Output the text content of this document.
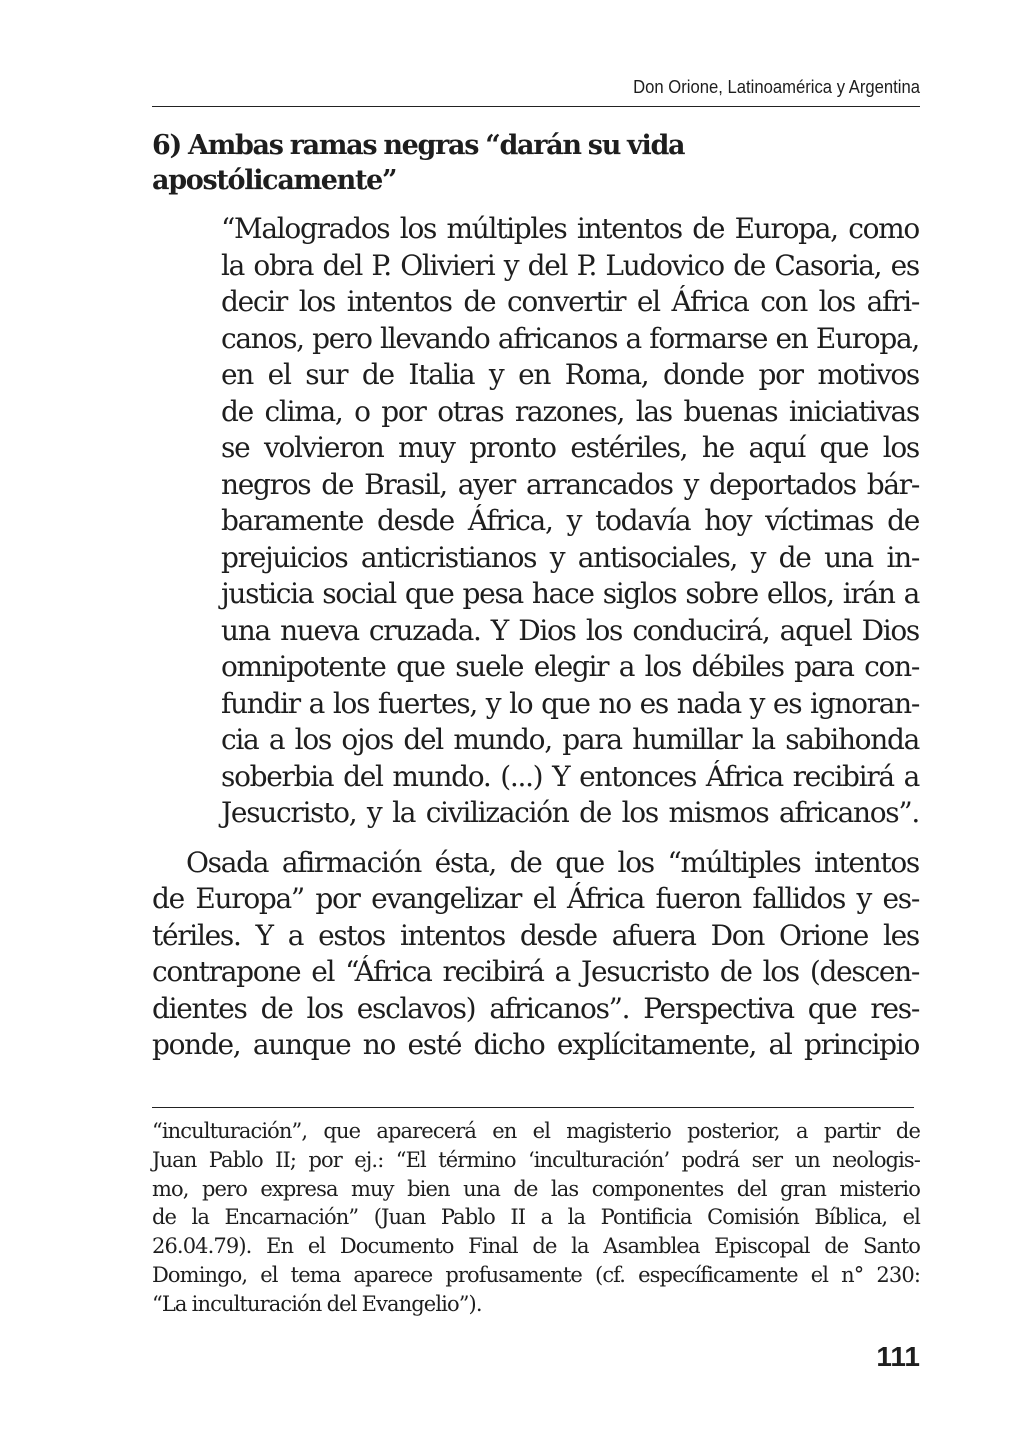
Don Orione, Latinoamérica y Argentina
6) Ambas ramas negras “darán su vida
apostólicamente”
“Malogrados los múltiples intentos de Europa, como
la obra del P. Olivieri y del P. Ludovico de Casoria, es
decir los intentos de convertir el África con los afri-
canos, pero llevando africanos a formarse en Europa,
en el sur de Italia y en Roma, donde por motivos
de clima, o por otras razones, las buenas iniciativas
se volvieron muy pronto estériles, he aquí que los
negros de Brasil, ayer arrancados y deportados bár-
baramente desde África, y todavía hoy víctimas de
prejuicios anticristianos y antisociales, y de una in-
justicia social que pesa hace siglos sobre ellos, irán a
una nueva cruzada. Y Dios los conducirá, aquel Dios
omnipotente que suele elegir a los débiles para con-
fundir a los fuertes, y lo que no es nada y es ignoran-
cia a los ojos del mundo, para humillar la sabihonda
soberbia del mundo. (...) Y entonces África recibirá a
Jesucristo, y la civilización de los mismos africanos”.
Osada afirmación ésta, de que los “múltiples intentos
de Europa” por evangelizar el África fueron fallidos y es-
tériles. Y a estos intentos desde afuera Don Orione les
contrapone el “África recibirá a Jesucristo de los (descen-
dientes de los esclavos) africanos”. Perspectiva que res-
ponde, aunque no esté dicho explícitamente, al principio
“inculturación”, que aparecerá en el magisterio posterior, a partir de
Juan Pablo II; por ej.: “El término ‘inculturación’ podrá ser un neologis-
mo, pero expresa muy bien una de las componentes del gran misterio
de la Encarnación” (Juan Pablo II a la Pontificia Comisión Bíblica, el
26.04.79). En el Documento Final de la Asamblea Episcopal de Santo
Domingo, el tema aparece profusamente (cf. específicamente el n° 230:
“La inculturación del Evangelio”).
111
